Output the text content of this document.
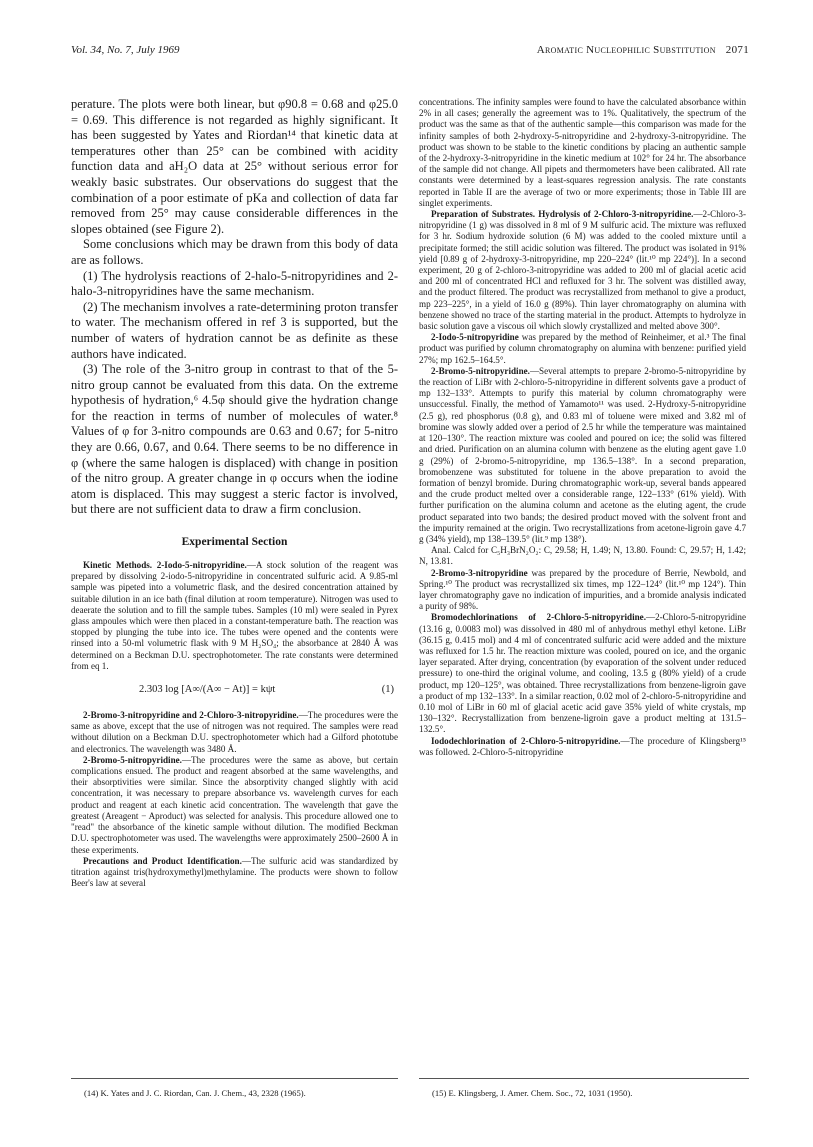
Vol. 34, No. 7, July 1969	Aromatic Nucleophilic Substitution 2071

perature. The plots were both linear, but φ90.8 = 0.68 and φ25.0 = 0.69. This difference is not regarded as highly significant. It has been suggested by Yates and Riordan¹⁴ that kinetic data at temperatures other than 25° can be combined with acidity function data and aH₂O data at 25° without serious error for weakly basic substrates. Our observations do suggest that the combination of a poor estimate of pKa and collection of data far removed from 25° may cause considerable differences in the slopes obtained (see Figure 2).

Some conclusions which may be drawn from this body of data are as follows.

(1) The hydrolysis reactions of 2-halo-5-nitropyridines and 2-halo-3-nitropyridines have the same mechanism.

(2) The mechanism involves a rate-determining proton transfer to water. The mechanism offered in ref 3 is supported, but the number of waters of hydration cannot be as definite as these authors have indicated.

(3) The role of the 3-nitro group in contrast to that of the 5-nitro group cannot be evaluated from this data. On the extreme hypothesis of hydration,⁶ 4.5φ should give the hydration change for the reaction in terms of number of molecules of water.⁸ Values of φ for 3-nitro compounds are 0.63 and 0.67; for 5-nitro they are 0.66, 0.67, and 0.64. There seems to be no difference in φ (where the same halogen is displaced) with change in position of the nitro group. A greater change in φ occurs when the iodine atom is displaced. This may suggest a steric factor is involved, but there are not sufficient data to draw a firm conclusion.

Experimental Section

Kinetic Methods. 2-Iodo-5-nitropyridine.—A stock solution of the reagent was prepared by dissolving 2-iodo-5-nitropyridine in concentrated sulfuric acid. A 9.85-ml sample was pipeted into a volumetric flask, and the desired concentration attained by suitable dilution in an ice bath (final dilution at room temperature). Nitrogen was used to deaerate the solution and to fill the sample tubes. Samples (10 ml) were sealed in Pyrex glass ampoules which were then placed in a constant-temperature bath. The reaction was stopped by plunging the tube into ice. The tubes were opened and the contents were rinsed into a 50-ml volumetric flask with 9 M H₂SO₄; the absorbance at 2840 Å was determined on a Beckman D.U. spectrophotometer. The rate constants were determined from eq 1.

2.303 log [A∞/(A∞ − At)] = kψt	(1)

2-Bromo-3-nitropyridine and 2-Chloro-3-nitropyridine.—The procedures were the same as above, except that the use of nitrogen was not required. The samples were read without dilution on a Beckman D.U. spectrophotometer which had a Gilford phototube and electronics. The wavelength was 3480 Å.

2-Bromo-5-nitropyridine.—The procedures were the same as above, but certain complications ensued. The product and reagent absorbed at the same wavelengths, and their absorptivities were similar. Since the absorptivity changed slightly with acid concentration, it was necessary to prepare absorbance vs. wavelength curves for each product and reagent at each kinetic acid concentration. The wavelength that gave the greatest (Areagent − Aproduct) was selected for analysis. This procedure allowed one to "read" the absorbance of the kinetic sample without dilution. The modified Beckman D.U. spectrophotometer was used. The wavelengths were approximately 2500–2600 Å in these experiments.

Precautions and Product Identification.—The sulfuric acid was standardized by titration against tris(hydroxymethyl)methylamine. The products were shown to follow Beer's law at several

concentrations. The infinity samples were found to have the calculated absorbance within 2% in all cases; generally the agreement was to 1%. Qualitatively, the spectrum of the product was the same as that of the authentic sample—this comparison was made for the infinity samples of both 2-hydroxy-5-nitropyridine and 2-hydroxy-3-nitropyridine. The product was shown to be stable to the kinetic conditions by placing an authentic sample of the 2-hydroxy-3-nitropyridine in the kinetic medium at 102° for 24 hr. The absorbance of the sample did not change. All pipets and thermometers have been calibrated. All rate constants were determined by a least-squares regression analysis. The rate constants reported in Table II are the average of two or more experiments; those in Table III are singlet experiments.

Preparation of Substrates. Hydrolysis of 2-Chloro-3-nitropyridine.—2-Chloro-3-nitropyridine (1 g) was dissolved in 8 ml of 9 M sulfuric acid. The mixture was refluxed for 3 hr. Sodium hydroxide solution (6 M) was added to the cooled mixture until a precipitate formed; the still acidic solution was filtered. The product was isolated in 91% yield [0.89 g of 2-hydroxy-3-nitropyridine, mp 220–224° (lit.¹⁰ mp 224°)]. In a second experiment, 20 g of 2-chloro-3-nitropyridine was added to 200 ml of glacial acetic acid and 200 ml of concentrated HCl and refluxed for 3 hr. The solvent was distilled away, and the product filtered. The product was recrystallized from methanol to give a product, mp 223–225°, in a yield of 16.0 g (89%). Thin layer chromatography on alumina with benzene showed no trace of the starting material in the product. Attempts to hydrolyze in basic solution gave a viscous oil which slowly crystallized and melted above 300°.

2-Iodo-5-nitropyridine was prepared by the method of Reinheimer, et al.³ The final product was purified by column chromatography on alumina with benzene: purified yield 27%; mp 162.5–164.5°.

2-Bromo-5-nitropyridine.—Several attempts to prepare 2-bromo-5-nitropyridine by the reaction of LiBr with 2-chloro-5-nitropyridine in different solvents gave a product of mp 132–133°. Attempts to purify this material by column chromatography were unsuccessful. Finally, the method of Yamamoto¹¹ was used. 2-Hydroxy-5-nitropyridine (2.5 g), red phosphorus (0.8 g), and 0.83 ml of toluene were mixed and 3.82 ml of bromine was slowly added over a period of 2.5 hr while the temperature was maintained at 120–130°. The reaction mixture was cooled and poured on ice; the solid was filtered and dried. Purification on an alumina column with benzene as the eluting agent gave 1.0 g (29%) of 2-bromo-5-nitropyridine, mp 136.5–138°. In a second preparation, bromobenzene was substituted for toluene in the above preparation to avoid the formation of benzyl bromide. During chromatographic work-up, several bands appeared and the crude product melted over a considerable range, 122–133° (61% yield). With further purification on the alumina column and acetone as the eluting agent, the crude product separated into two bands; the desired product moved with the solvent front and the impurity remained at the origin. Two recrystallizations from acetone-ligroin gave 4.7 g (34% yield), mp 138–139.5° (lit.⁹ mp 138°).

Anal. Calcd for C₅H₃BrN₂O₂: C, 29.58; H, 1.49; N, 13.80. Found: C, 29.57; H, 1.42; N, 13.81.

2-Bromo-3-nitropyridine was prepared by the procedure of Berrie, Newbold, and Spring.¹⁰ The product was recrystallized six times, mp 122–124° (lit.¹⁰ mp 124°). Thin layer chromatography gave no indication of impurities, and a bromide analysis indicated a purity of 98%.

Bromodechlorinations of 2-Chloro-5-nitropyridine.—2-Chloro-5-nitropyridine (13.16 g, 0.0083 mol) was dissolved in 480 ml of anhydrous methyl ethyl ketone. LiBr (36.15 g, 0.415 mol) and 4 ml of concentrated sulfuric acid were added and the mixture was refluxed for 1.5 hr. The reaction mixture was cooled, poured on ice, and the organic layer separated. After drying, concentration (by evaporation of the solvent under reduced pressure) to one-third the original volume, and cooling, 13.5 g (80% yield) of a crude product, mp 120–125°, was obtained. Three recrystallizations from benzene-ligroin gave a product of mp 132–133°. In a similar reaction, 0.02 mol of 2-chloro-5-nitropyridine and 0.10 mol of LiBr in 60 ml of glacial acetic acid gave 35% yield of white crystals, mp 130–132°. Recrystallization from benzene-ligroin gave a product melting at 131.5–132.5°.

Iododechlorination of 2-Chloro-5-nitropyridine.—The procedure of Klingsberg¹⁵ was followed. 2-Chloro-5-nitropyridine

(14) K. Yates and J. C. Riordan, Can. J. Chem., 43, 2328 (1965).	(15) E. Klingsberg, J. Amer. Chem. Soc., 72, 1031 (1950).
